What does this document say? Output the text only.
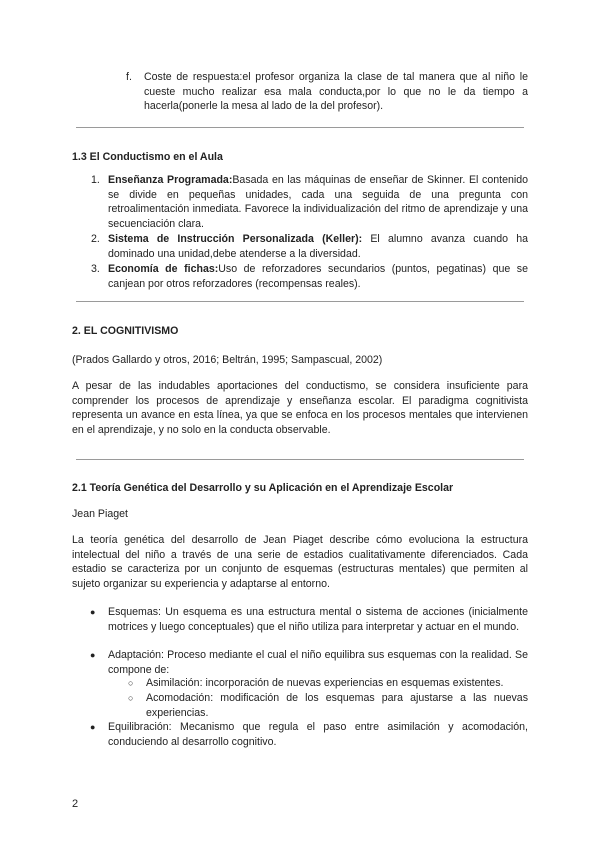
f. Coste de respuesta:el profesor organiza la clase de tal manera que al niño le cueste mucho realizar esa mala conducta,por lo que no le da tiempo a hacerla(ponerle la mesa al lado de la del profesor).

1.3 El Conductismo en el Aula

1. Enseñanza Programada:Basada en las máquinas de enseñar de Skinner. El contenido se divide en pequeñas unidades, cada una seguida de una pregunta con retroalimentación inmediata. Favorece la individualización del ritmo de aprendizaje y una secuenciación clara.

2. Sistema de Instrucción Personalizada (Keller): El alumno avanza cuando ha dominado una unidad,debe atenderse a la diversidad.

3. Economía de fichas:Uso de reforzadores secundarios (puntos, pegatinas) que se canjean por otros reforzadores (recompensas reales).

2. EL COGNITIVISMO

(Prados Gallardo y otros, 2016; Beltrán, 1995; Sampascual, 2002)

A pesar de las indudables aportaciones del conductismo, se considera insuficiente para comprender los procesos de aprendizaje y enseñanza escolar. El paradigma cognitivista representa un avance en esta línea, ya que se enfoca en los procesos mentales que intervienen en el aprendizaje, y no solo en la conducta observable.

2.1 Teoría Genética del Desarrollo y su Aplicación en el Aprendizaje Escolar

Jean Piaget

La teoría genética del desarrollo de Jean Piaget describe cómo evoluciona la estructura intelectual del niño a través de una serie de estadios cualitativamente diferenciados. Cada estadio se caracteriza por un conjunto de esquemas (estructuras mentales) que permiten al sujeto organizar su experiencia y adaptarse al entorno.

● Esquemas: Un esquema es una estructura mental o sistema de acciones (inicialmente motrices y luego conceptuales) que el niño utiliza para interpretar y actuar en el mundo.

● Adaptación: Proceso mediante el cual el niño equilibra sus esquemas con la realidad. Se compone de:

○ Asimilación: incorporación de nuevas experiencias en esquemas existentes.

○ Acomodación: modificación de los esquemas para ajustarse a las nuevas experiencias.

● Equilibración: Mecanismo que regula el paso entre asimilación y acomodación, conduciendo al desarrollo cognitivo.

2
